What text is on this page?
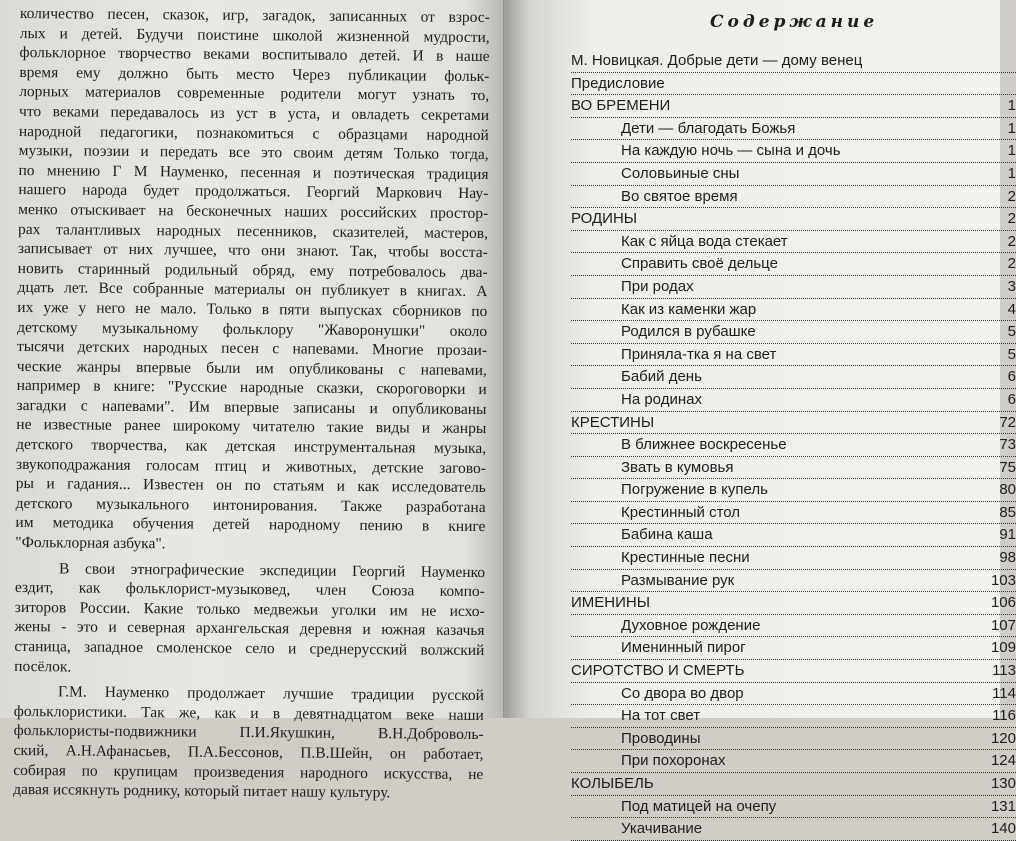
количество песен, сказок, игр, загадок, записанных от взрос-
лых и детей. Будучи поистине школой жизненной мудрости,
фольклорное творчество веками воспитывало детей. И в наше
время ему должно быть место Через публикации фольк-
лорных материалов современные родители могут узнать то,
что веками передавалось из уст в уста, и овладеть секретами
народной педагогики, познакомиться с образцами народной
музыки, поэзии и передать все это своим детям Только тогда,
по мнению Г М Науменко, песенная и поэтическая традиция
нашего народа будет продолжаться. Георгий Маркович Нау-
менко отыскивает на бесконечных наших российских простор-
рах талантливых народных песенников, сказителей, мастеров,
записывает от них лучшее, что они знают. Так, чтобы восста-
новить старинный родильный обряд, ему потребовалось два-
дцать лет. Все собранные материалы он публикует в книгах. А
их уже у него не мало. Только в пяти выпусках сборников по
детскому музыкальному фольклору "Жаворонушки" около
тысячи детских народных песен с напевами. Многие прозаи-
ческие жанры впервые были им опубликованы с напевами,
например в книге: "Русские народные сказки, скороговорки и
загадки с напевами". Им впервые записаны и опубликованы
не известные ранее широкому читателю такие виды и жанры
детского творчества, как детская инструментальная музыка,
звукоподражания голосам птиц и животных, детские загово-
ры и гадания... Известен он по статьям и как исследователь
детского музыкального интонирования. Также разработана
им методика обучения детей народному пению в книге
"Фольклорная азбука".
В свои этнографические экспедиции Георгий Науменко
ездит, как фольклорист-музыковед, член Союза компо-
зиторов России. Какие только медвежьи уголки им не исхо-
жены - это и северная архангельская деревня и южная казачья
станица, западное смоленское село и среднерусский волжский
посёлок.
Г.М. Науменко продолжает лучшие традиции русской
фольклористики. Так же, как и в девятнадцатом веке наши
фольклористы-подвижники П.И.Якушкин, В.Н.Доброволь-
ский, А.Н.Афанасьев, П.А.Бессонов, П.В.Шейн, он работает,
собирая по крупицам произведения народного искусства, не
давая иссякнуть роднику, который питает нашу культуру.
Содержание
М. Новицкая. Добрые дети — дому венец
Предисловие
ВО БРЕМЕНИ	1
Дети — благодать Божья	1
На каждую ночь — сына и дочь	1
Соловьиные сны	1
Во святое время	2
РОДИНЫ	2
Как с яйца вода стекает	2
Справить своё дельце	2
При родах	3
Как из каменки жар	4
Родился в рубашке	5
Приняла-тка я на свет	5
Бабий день	6
На родинах	6
КРЕСТИНЫ	72
В ближнее воскресенье	73
Звать в кумовья	75
Погружение в купель	80
Крестинный стол	85
Бабина каша	91
Крестинные песни	98
Размывание рук	103
ИМЕНИНЫ	106
Духовное рождение	107
Именинный пирог	109
СИРОТСТВО И СМЕРТЬ	113
Со двора во двор	114
На тот свет	116
Проводины	120
При похоронах	124
КОЛЫБЕЛЬ	130
Под матицей на очепу	131
Укачивание	140
